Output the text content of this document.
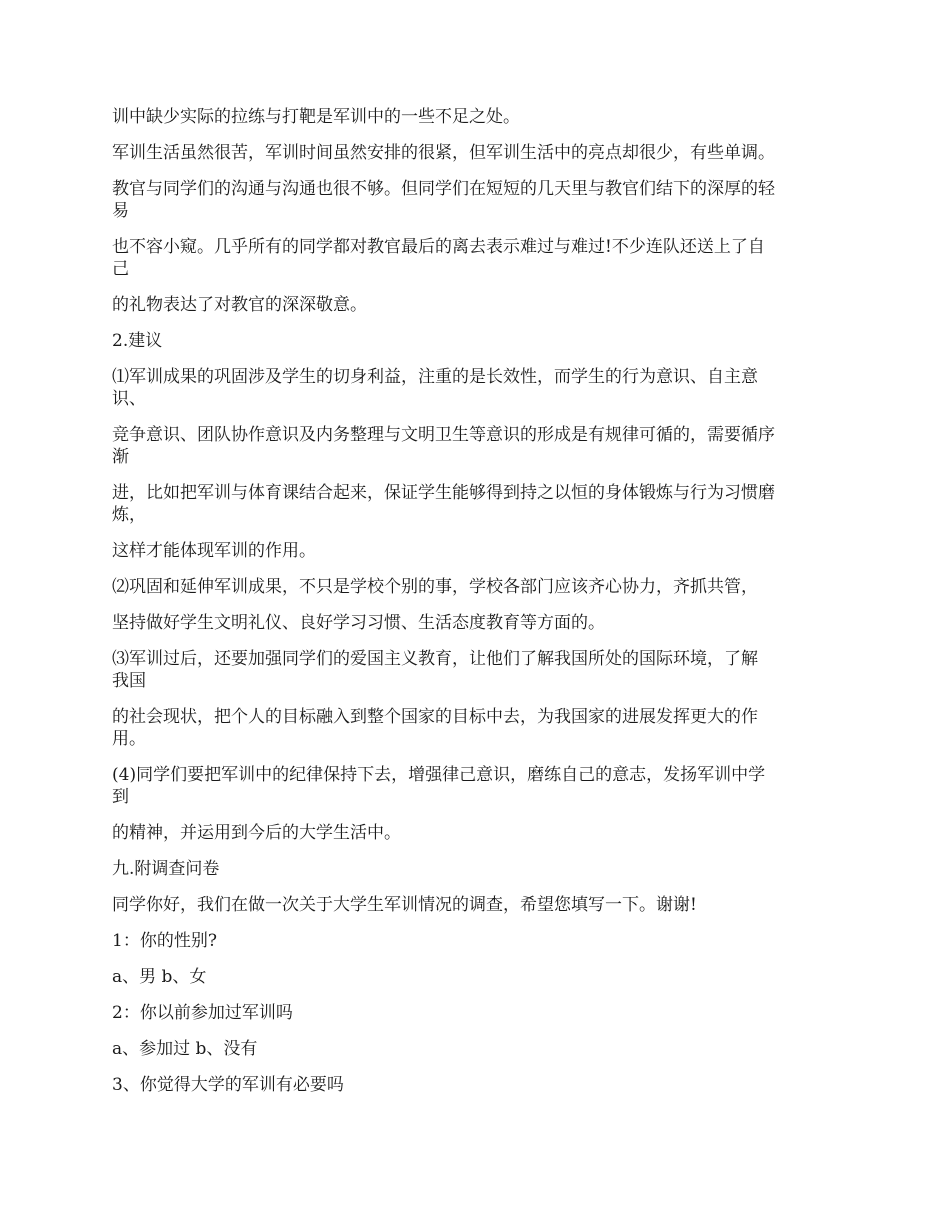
训中缺少实际的拉练与打靶是军训中的一些不足之处。
军训生活虽然很苦，军训时间虽然安排的很紧，但军训生活中的亮点却很少，有些单调。
教官与同学们的沟通与沟通也很不够。但同学们在短短的几天里与教官们结下的深厚的轻
易
也不容小窥。几乎所有的同学都对教官最后的离去表示难过与难过!不少连队还送上了自
己
的礼物表达了对教官的深深敬意。
2.建议
⑴军训成果的巩固涉及学生的切身利益，注重的是长效性，而学生的行为意识、自主意
识、
竞争意识、团队协作意识及内务整理与文明卫生等意识的形成是有规律可循的，需要循序
渐
进，比如把军训与体育课结合起来，保证学生能够得到持之以恒的身体锻炼与行为习惯磨
炼，
这样才能体现军训的作用。
⑵巩固和延伸军训成果，不只是学校个别的事，学校各部门应该齐心协力，齐抓共管，
坚持做好学生文明礼仪、良好学习习惯、生活态度教育等方面的。
⑶军训过后，还要加强同学们的爱国主义教育，让他们了解我国所处的国际环境，了解
我国
的社会现状，把个人的目标融入到整个国家的目标中去，为我国家的进展发挥更大的作
用。
(4)同学们要把军训中的纪律保持下去，增强律己意识，磨练自己的意志，发扬军训中学
到
的精神，并运用到今后的大学生活中。
九.附调查问卷
同学你好，我们在做一次关于大学生军训情况的调查，希望您填写一下。谢谢!
1：你的性别?
a、男 b、女
2：你以前参加过军训吗
a、参加过 b、没有
3、你觉得大学的军训有必要吗
